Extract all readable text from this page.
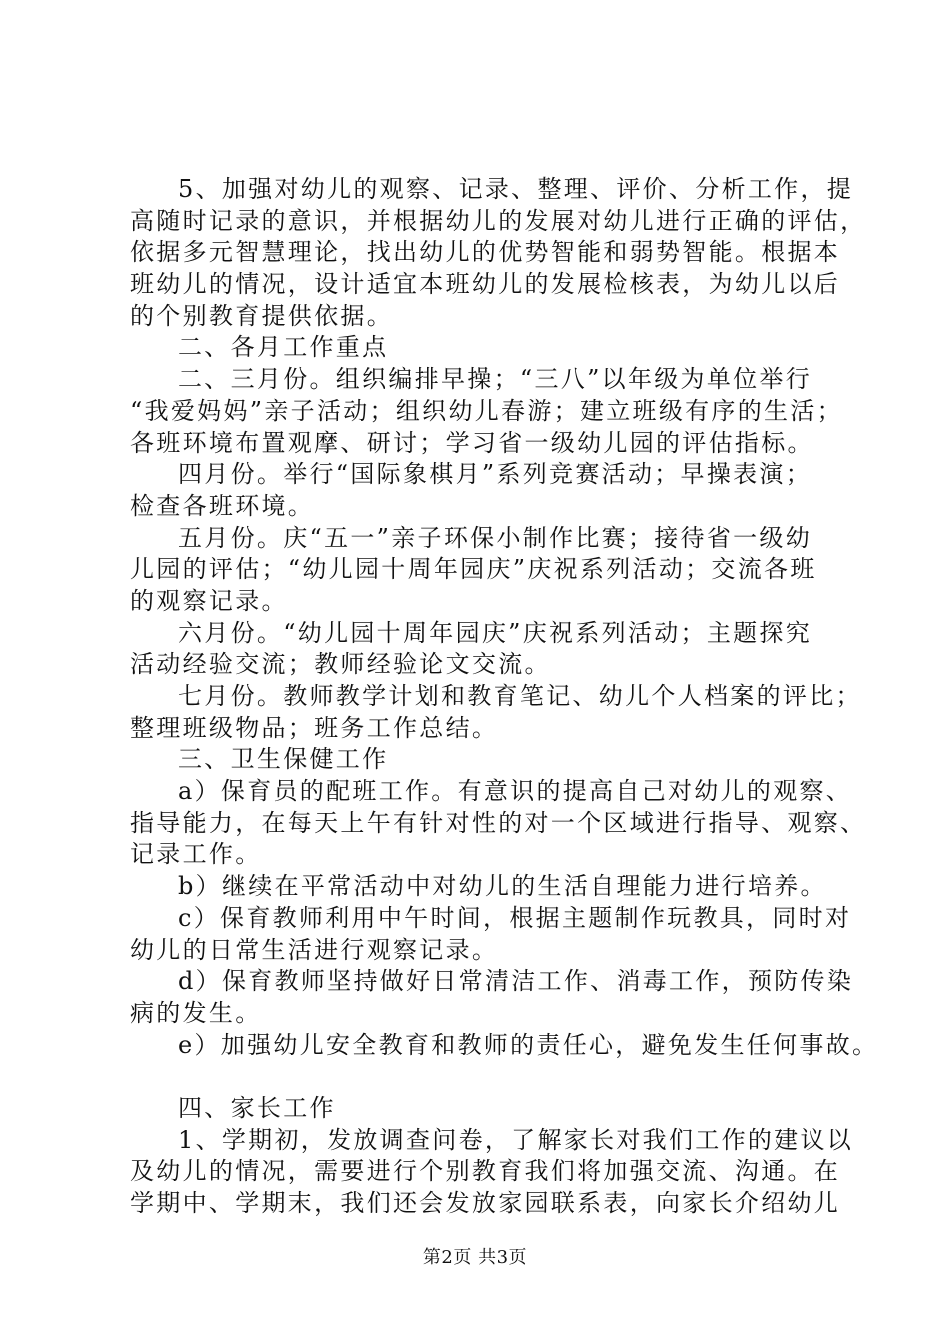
5、加强对幼儿的观察、记录、整理、评价、分析工作，提
高随时记录的意识，并根据幼儿的发展对幼儿进行正确的评估，
依据多元智慧理论，找出幼儿的优势智能和弱势智能。根据本
班幼儿的情况，设计适宜本班幼儿的发展检核表，为幼儿以后
的个别教育提供依据。
二、各月工作重点
二、三月份。组织编排早操；“三八”以年级为单位举行
“我爱妈妈”亲子活动；组织幼儿春游；建立班级有序的生活；
各班环境布置观摩、研讨；学习省一级幼儿园的评估指标。
四月份。举行“国际象棋月”系列竞赛活动；早操表演；
检查各班环境。
五月份。庆“五一”亲子环保小制作比赛；接待省一级幼
儿园的评估；“幼儿园十周年园庆”庆祝系列活动；交流各班
的观察记录。
六月份。“幼儿园十周年园庆”庆祝系列活动；主题探究
活动经验交流；教师经验论文交流。
七月份。教师教学计划和教育笔记、幼儿个人档案的评比；
整理班级物品；班务工作总结。
三、卫生保健工作
a）保育员的配班工作。有意识的提高自己对幼儿的观察、
指导能力，在每天上午有针对性的对一个区域进行指导、观察、
记录工作。
b）继续在平常活动中对幼儿的生活自理能力进行培养。
c）保育教师利用中午时间，根据主题制作玩教具，同时对
幼儿的日常生活进行观察记录。
d）保育教师坚持做好日常清洁工作、消毒工作，预防传染
病的发生。
e）加强幼儿安全教育和教师的责任心，避免发生任何事故。
四、家长工作
1、学期初，发放调查问卷，了解家长对我们工作的建议以
及幼儿的情况，需要进行个别教育我们将加强交流、沟通。在
学期中、学期末，我们还会发放家园联系表，向家长介绍幼儿
第2页 共3页
